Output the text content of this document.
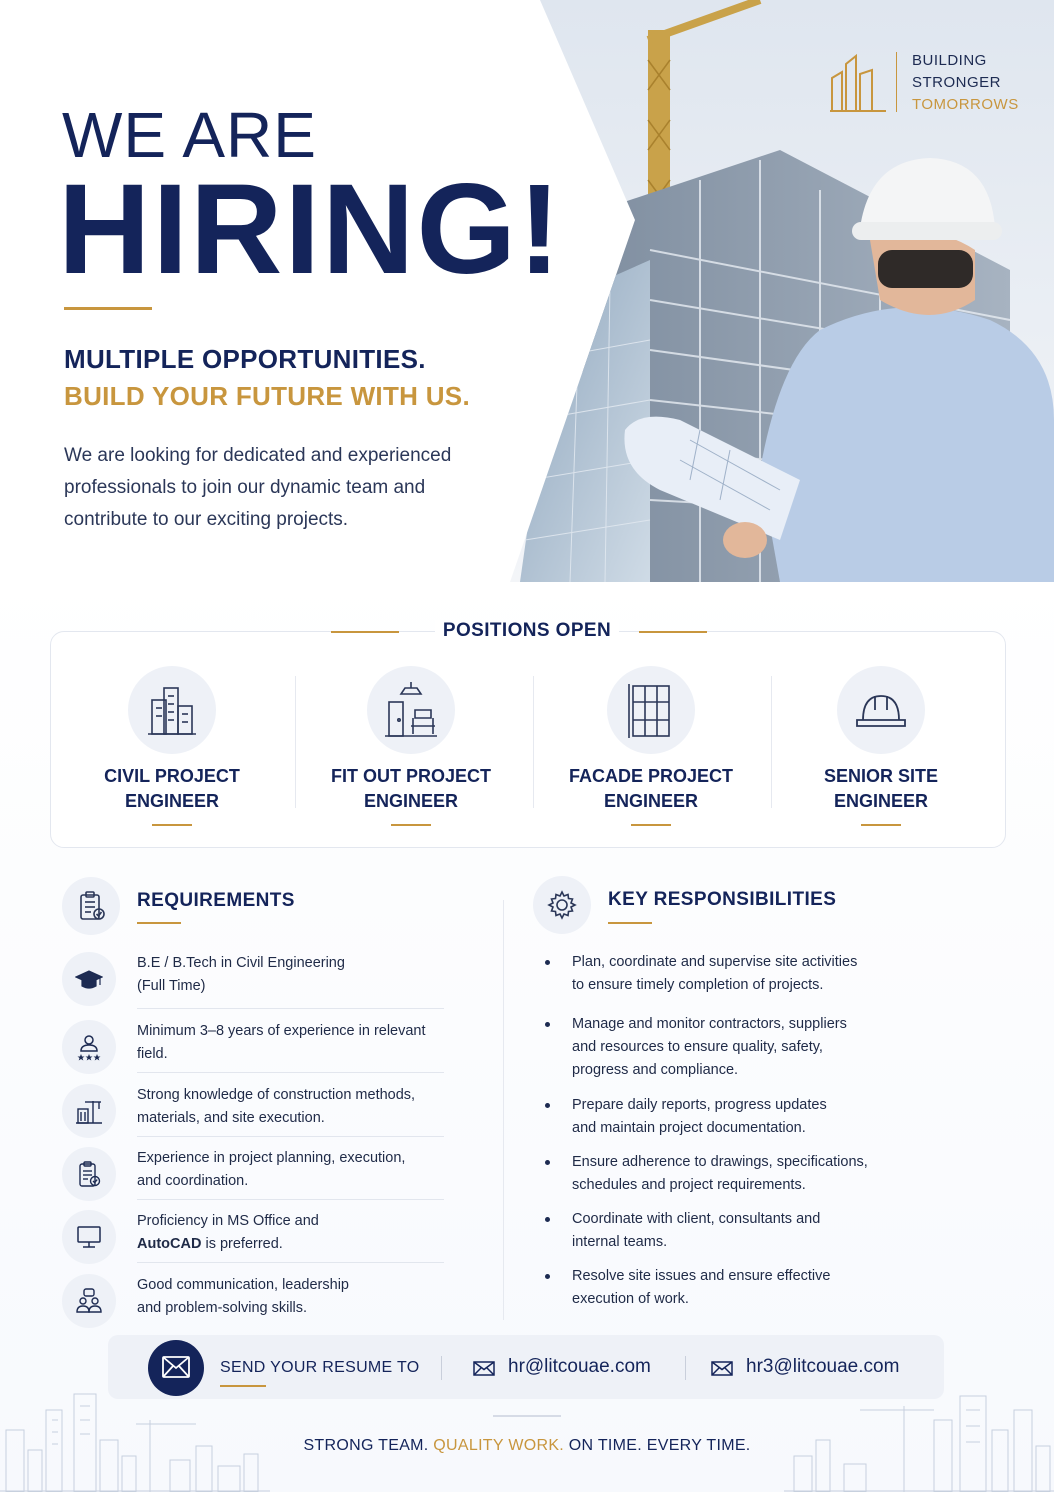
BUILDING
STRONGER
TOMORROWS
WE ARE
HIRING!
MULTIPLE OPPORTUNITIES.
BUILD YOUR FUTURE WITH US.
We are looking for dedicated and experienced professionals to join our dynamic team and contribute to our exciting projects.
POSITIONS OPEN
CIVIL PROJECT
ENGINEER
FIT OUT PROJECT
ENGINEER
FACADE PROJECT
ENGINEER
SENIOR SITE
ENGINEER
REQUIREMENTS
B.E / B.Tech in Civil Engineering
(Full Time)
Minimum 3–8 years of experience in relevant
field.
Strong knowledge of construction methods,
materials, and site execution.
Experience in project planning, execution,
and coordination.
Proficiency in MS Office and
AutoCAD is preferred.
Good communication, leadership
and problem-solving skills.
KEY RESPONSIBILITIES
Plan, coordinate and supervise site activities
to ensure timely completion of projects.
Manage and monitor contractors, suppliers
and resources to ensure quality, safety,
progress and compliance.
Prepare daily reports, progress updates
and maintain project documentation.
Ensure adherence to drawings, specifications,
schedules and project requirements.
Coordinate with client, consultants and
internal teams.
Resolve site issues and ensure effective
execution of work.
SEND YOUR RESUME TO	hr@litcouae.com	hr3@litcouae.com
STRONG TEAM. QUALITY WORK. ON TIME. EVERY TIME.
